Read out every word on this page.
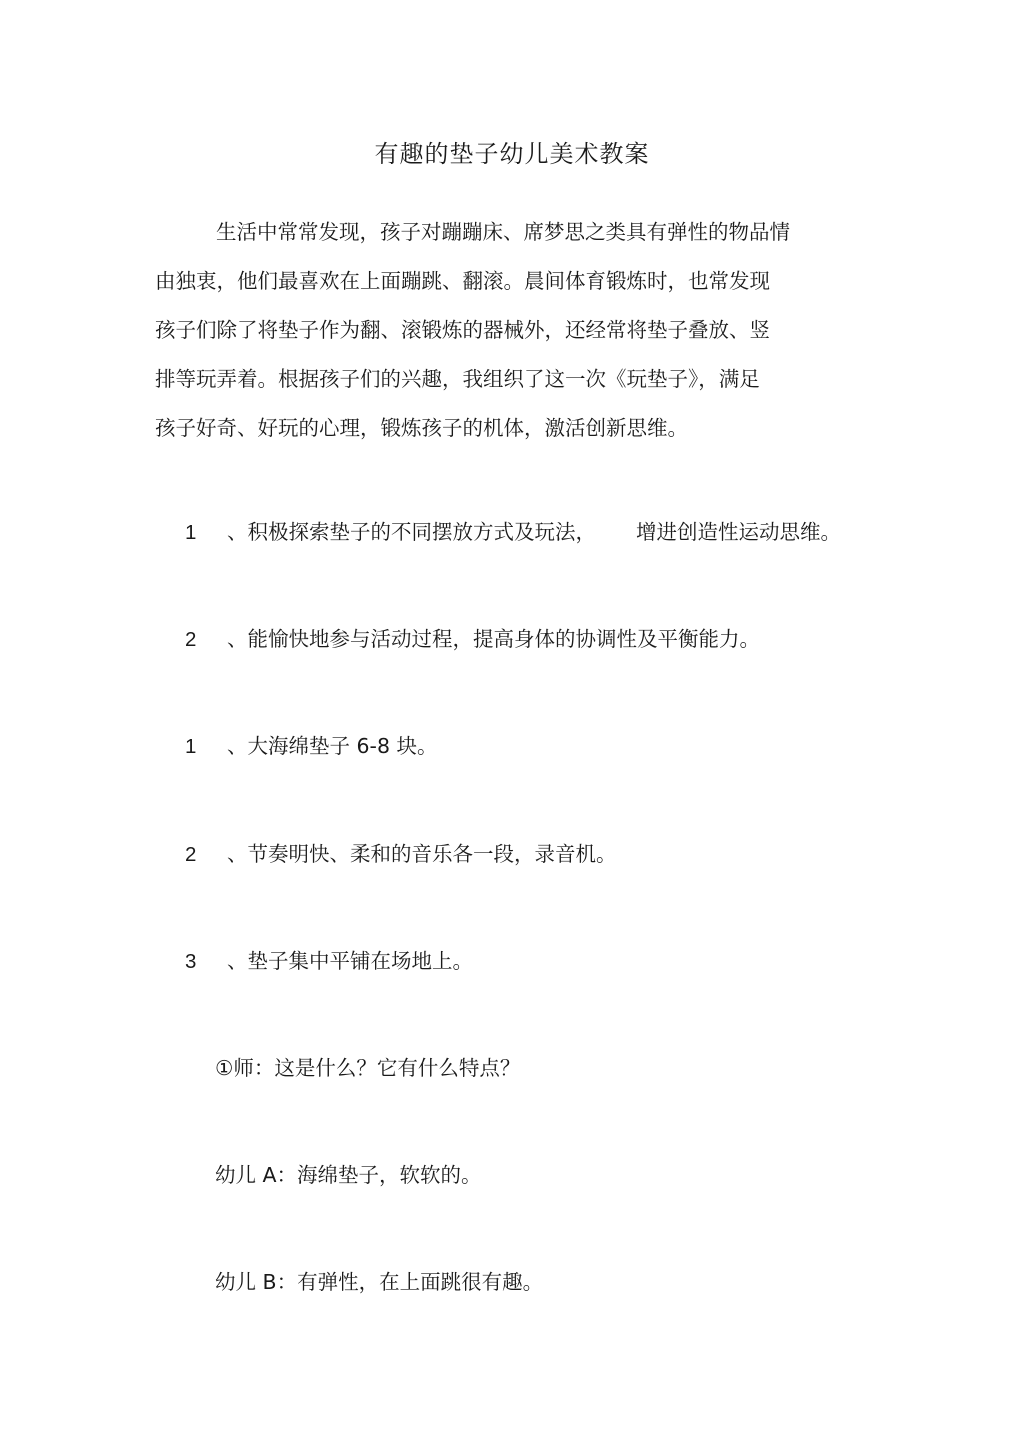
有趣的垫子幼儿美术教案
生活中常常发现，孩子对蹦蹦床、席梦思之类具有弹性的物品情
由独衷，他们最喜欢在上面蹦跳、翻滚。晨间体育锻炼时，也常发现
孩子们除了将垫子作为翻、滚锻炼的器械外，还经常将垫子叠放、竖
排等玩弄着。根据孩子们的兴趣，我组织了这一次《玩垫子》，满足
孩子好奇、好玩的心理，锻炼孩子的机体，激活创新思维。
1 、积极探索垫子的不同摆放方式及玩法， 增进创造性运动思维。
2 、能愉快地参与活动过程，提高身体的协调性及平衡能力。
1 、大海绵垫子 6-8 块。
2 、节奏明快、柔和的音乐各一段，录音机。
3 、垫子集中平铺在场地上。
①师：这是什么？它有什么特点？
幼儿 A：海绵垫子，软软的。
幼儿 B：有弹性，在上面跳很有趣。
